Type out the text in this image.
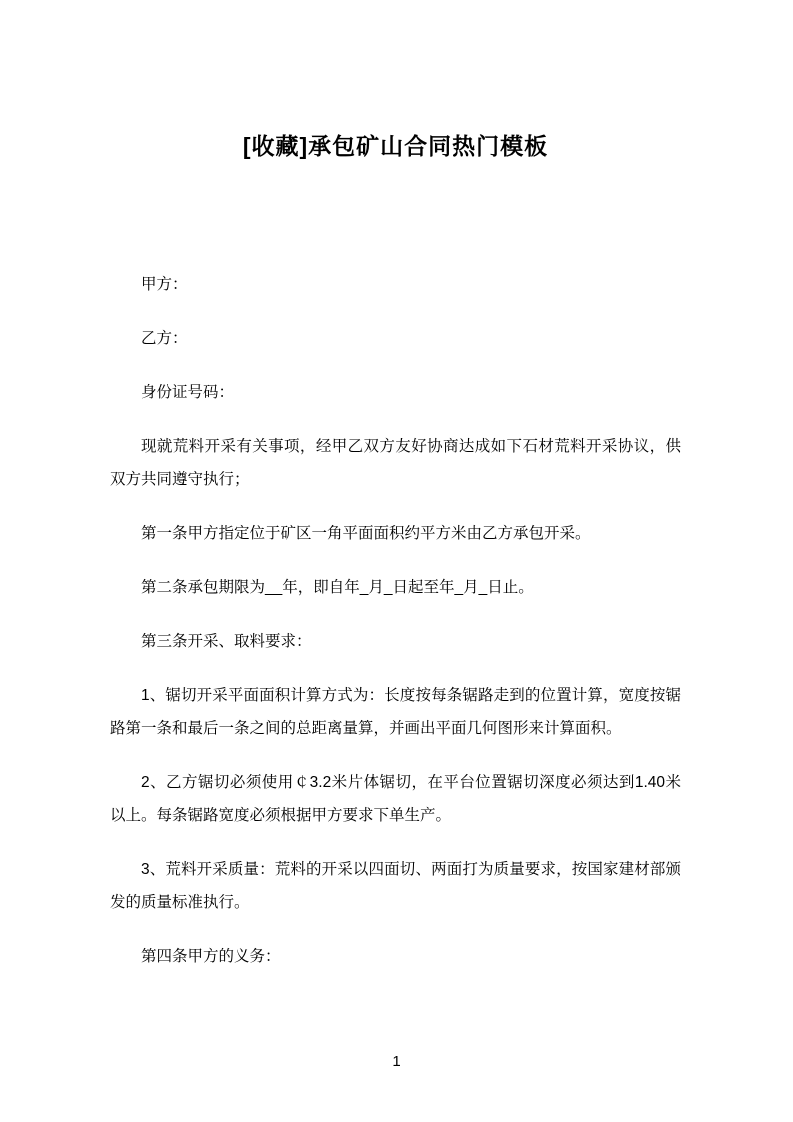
[收藏]承包矿山合同热门模板

甲方：

乙方：

身份证号码：

现就荒料开采有关事项，经甲乙双方友好协商达成如下石材荒料开采协议，供双方共同遵守执行；

第一条甲方指定位于矿区一角平面面积约平方米由乙方承包开采。

第二条承包期限为__年，即自年_月_日起至年_月_日止。

第三条开采、取料要求：

1、锯切开采平面面积计算方式为：长度按每条锯路走到的位置计算，宽度按锯路第一条和最后一条之间的总距离量算，并画出平面几何图形来计算面积。

2、乙方锯切必须使用￠3.2米片体锯切，在平台位置锯切深度必须达到1.40米以上。每条锯路宽度必须根据甲方要求下单生产。

3、荒料开采质量：荒料的开采以四面切、两面打为质量要求，按国家建材部颁发的质量标准执行。

第四条甲方的义务：

1
